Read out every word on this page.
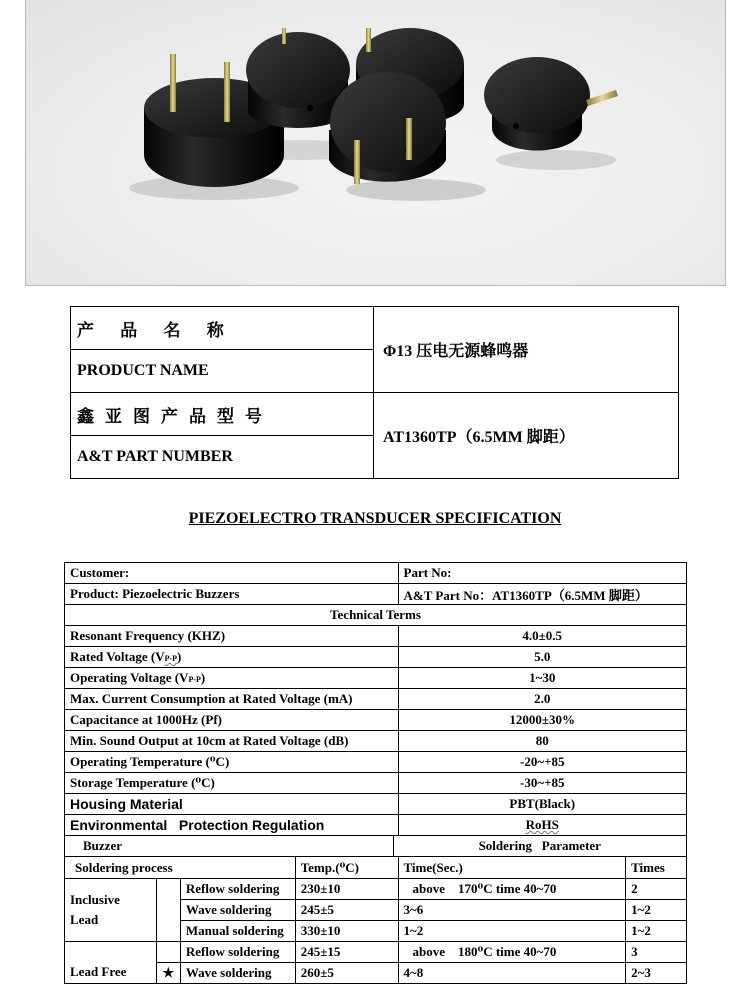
产 品 名 称	Φ13 压电无源蜂鸣器
PRODUCT NAME	
鑫亚图产品型号	AT1360TP（6.5MM 脚距）
A&T PART NUMBER	
PIEZOELECTRO TRANSDUCER SPECIFICATION
Customer:					Part No:	
Product: Piezoelectric Buzzers					A&T Part No：AT1360TP（6.5MM 脚距）	
Technical Terms						
Resonant Frequency (KHZ)					4.0±0.5	
Rated Voltage (VP-P)					5.0	
Operating Voltage (VP-P)					1~30	
Max. Current Consumption at Rated Voltage (mA)					2.0	
Capacitance at 1000Hz (Pf)					12000±30%	
Min. Sound Output at 10cm at Rated Voltage (dB)					80	
Operating Temperature (⁰C)					-20~+85	
Storage Temperature (⁰C)					-30~+85	
Housing Material					PBT(Black)	
Environmental   Protection Regulation					RoHS	
Buzzer				Soldering   Parameter		
Soldering process			Temp.(⁰C)		Time(Sec.)	Times
Inclusive Lead		Reflow soldering	230±10		above    170⁰C time 40~70	2
		Wave soldering	245±5		3~6	1~2
		Manual soldering	330±10		1~2	1~2
Lead Free		Reflow soldering	245±15		above    180⁰C time 40~70	3
	★	Wave soldering	260±5		4~8	2~3
